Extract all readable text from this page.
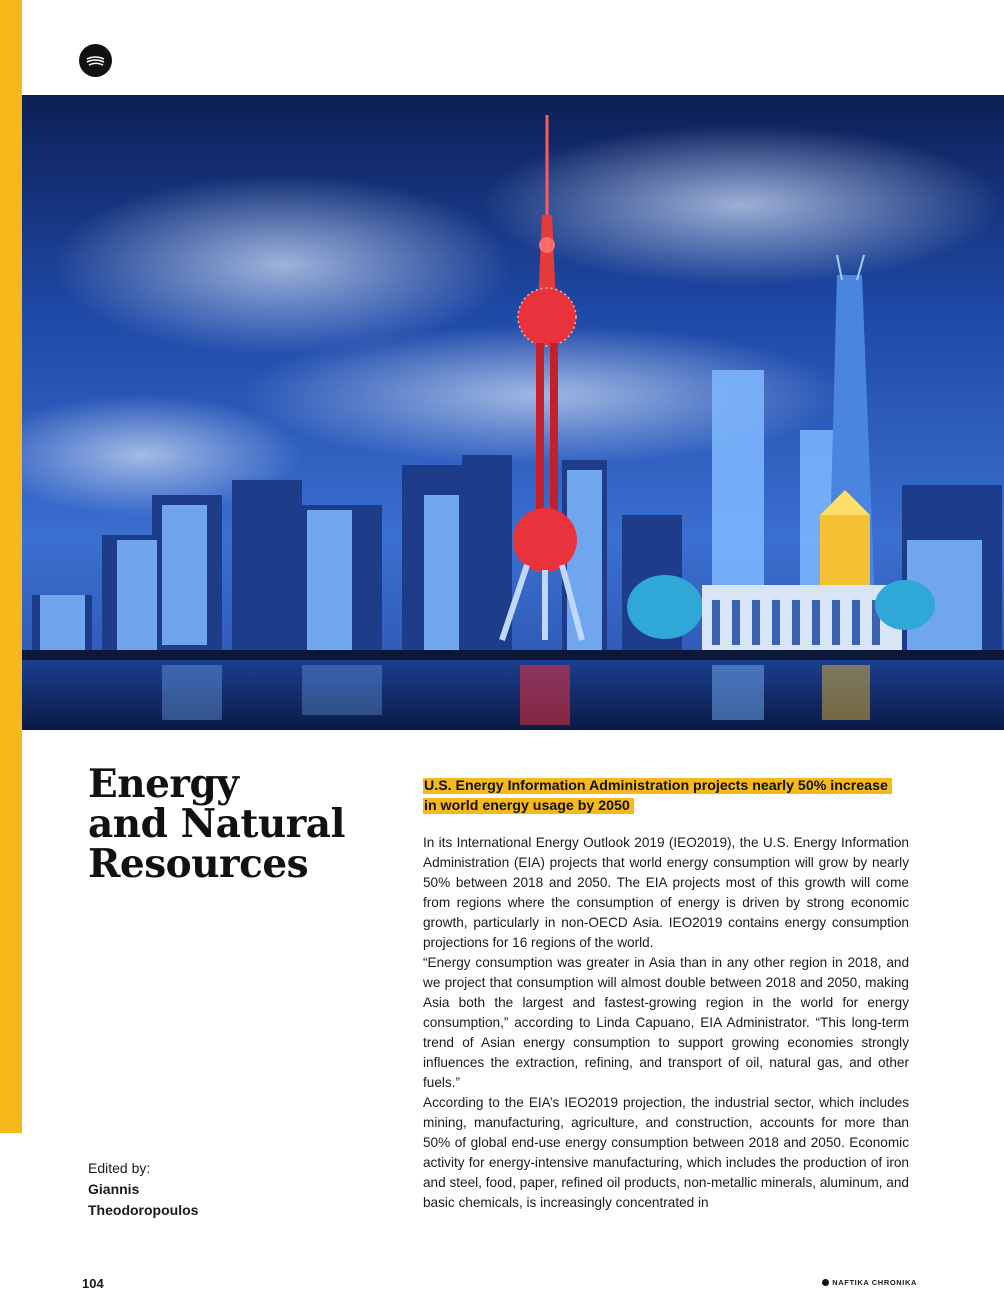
Energy
and Natural
Resources
Edited by:
Giannis
Theodoropoulos
U.S. Energy Information Administration projects nearly 50% increase in world energy usage by 2050

In its International Energy Outlook 2019 (IEO2019), the U.S. Energy Information Administration (EIA) projects that world energy consumption will grow by nearly 50% between 2018 and 2050. The EIA projects most of this growth will come from regions where the consumption of energy is driven by strong economic growth, particularly in non-OECD Asia. IEO2019 contains energy consumption projections for 16 regions of the world.

“Energy consumption was greater in Asia than in any other region in 2018, and we project that consumption will almost double between 2018 and 2050, making Asia both the largest and fastest-growing region in the world for energy consumption,” according to Linda Capuano, EIA Administrator. “This long-term trend of Asian energy consumption to support growing economies strongly influences the extraction, refining, and transport of oil, natural gas, and other fuels.”

According to the EIA’s IEO2019 projection, the industrial sector, which includes mining, manufacturing, agriculture, and construction, accounts for more than 50% of global end-use energy consumption between 2018 and 2050. Economic activity for energy-intensive manufacturing, which includes the production of iron and steel, food, paper, refined oil products, non-metallic minerals, aluminum, and basic chemicals, is increasingly concentrated in

104	NAFTIKA CHRONIKA
